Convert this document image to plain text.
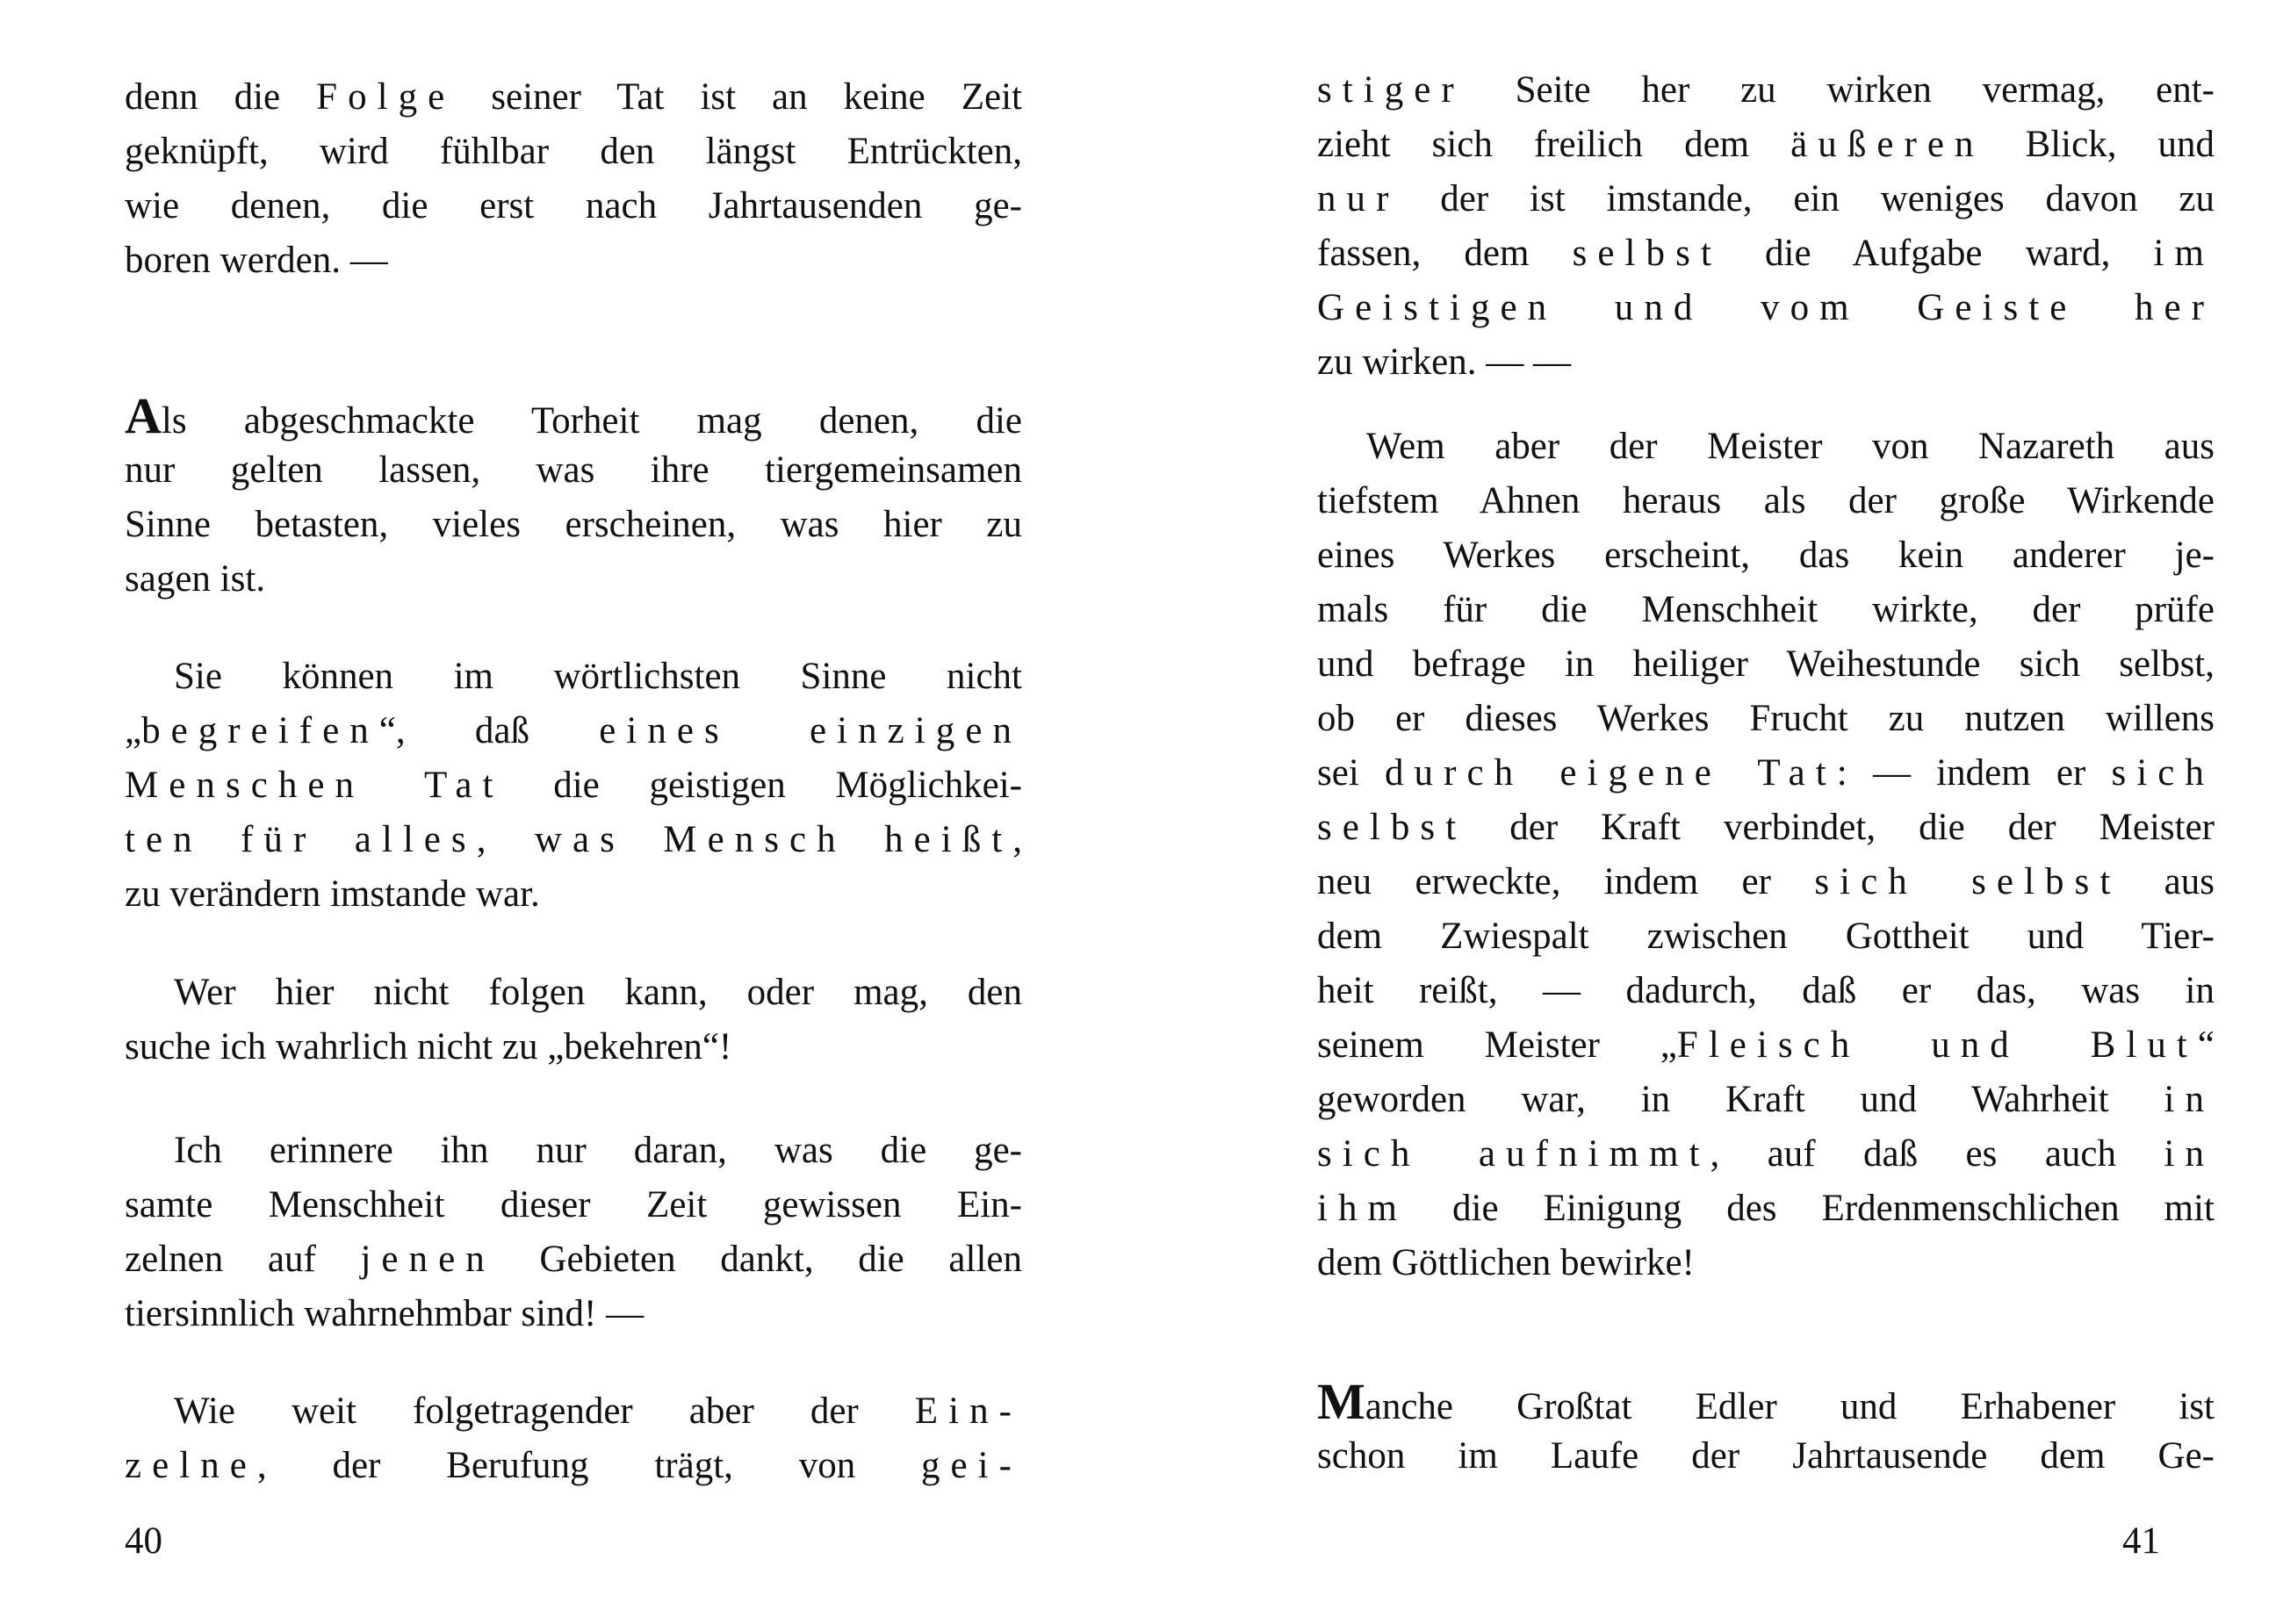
denn die Folge seiner Tat ist an keine Zeit
geknüpft, wird fühlbar den längst Entrückten,
wie denen, die erst nach Jahrtausenden ge-
boren werden. —
Als abgeschmackte Torheit mag denen, die
nur gelten lassen, was ihre tiergemeinsamen
Sinne betasten, vieles erscheinen, was hier zu
sagen ist.
Sie können im wörtlichsten Sinne nicht
„begreifen“, daß eines einzigen
Menschen Tat die geistigen Möglichkei-
ten für alles, was Mensch heißt,
zu verändern imstande war.
Wer hier nicht folgen kann, oder mag, den
suche ich wahrlich nicht zu „bekehren“!
Ich erinnere ihn nur daran, was die ge-
samte Menschheit dieser Zeit gewissen Ein-
zelnen auf jenen Gebieten dankt, die allen
tiersinnlich wahrnehmbar sind! —
Wie weit folgetragender aber der Ein-
zelne, der Berufung trägt, von gei-
40
stiger Seite her zu wirken vermag, ent-
zieht sich freilich dem äußeren Blick, und
nur der ist imstande, ein weniges davon zu
fassen, dem selbst die Aufgabe ward, im
Geistigen und vom Geiste her
zu wirken. — —
Wem aber der Meister von Nazareth aus
tiefstem Ahnen heraus als der große Wirkende
eines Werkes erscheint, das kein anderer je-
mals für die Menschheit wirkte, der prüfe
und befrage in heiliger Weihestunde sich selbst,
ob er dieses Werkes Frucht zu nutzen willens
sei durch eigene Tat: — indem er sich
selbst der Kraft verbindet, die der Meister
neu erweckte, indem er sich selbst aus
dem Zwiespalt zwischen Gottheit und Tier-
heit reißt, — dadurch, daß er das, was in
seinem Meister „Fleisch und Blut“
geworden war, in Kraft und Wahrheit in
sich aufnimmt, auf daß es auch in
ihm die Einigung des Erdenmenschlichen mit
dem Göttlichen bewirke!
Manche Großtat Edler und Erhabener ist
schon im Laufe der Jahrtausende dem Ge-
41
